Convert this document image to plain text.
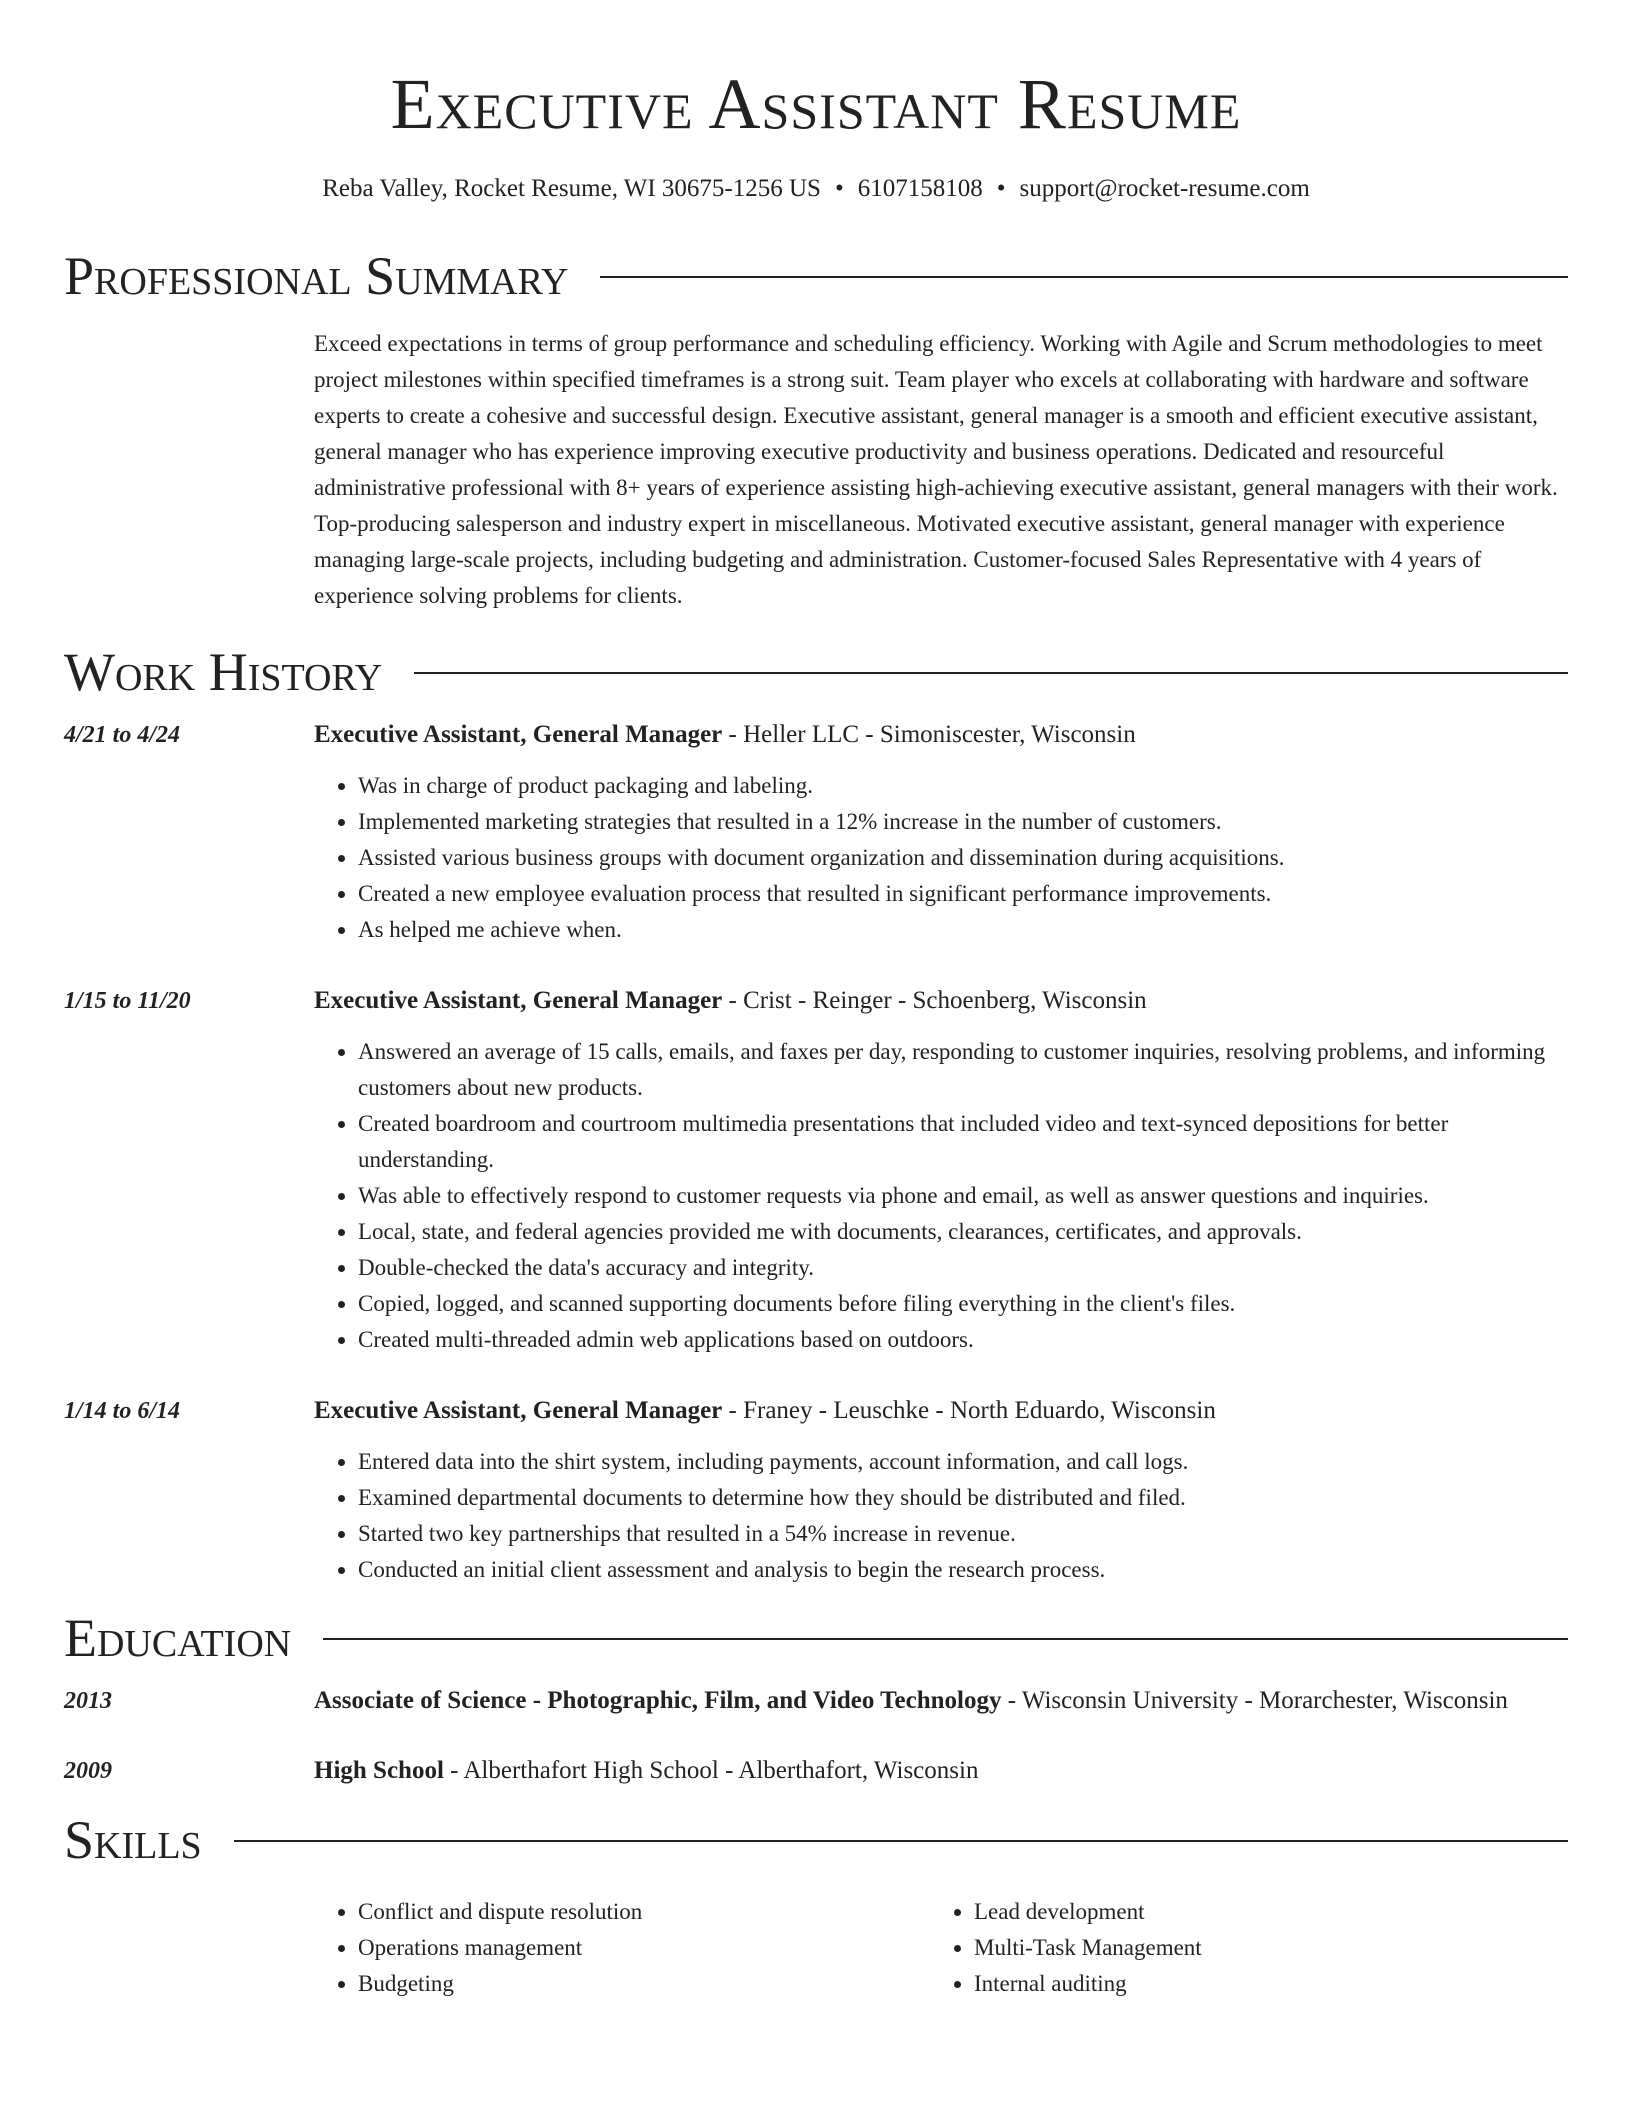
Executive Assistant Resume
Reba Valley, Rocket Resume, WI 30675-1256 US • 6107158108 • support@rocket-resume.com
Professional Summary
Exceed expectations in terms of group performance and scheduling efficiency. Working with Agile and Scrum methodologies to meet project milestones within specified timeframes is a strong suit. Team player who excels at collaborating with hardware and software experts to create a cohesive and successful design. Executive assistant, general manager is a smooth and efficient executive assistant, general manager who has experience improving executive productivity and business operations. Dedicated and resourceful administrative professional with 8+ years of experience assisting high-achieving executive assistant, general managers with their work. Top-producing salesperson and industry expert in miscellaneous. Motivated executive assistant, general manager with experience managing large-scale projects, including budgeting and administration. Customer-focused Sales Representative with 4 years of experience solving problems for clients.
Work History
4/21 to 4/24	Executive Assistant, General Manager - Heller LLC - Simoniscester, Wisconsin
• Was in charge of product packaging and labeling.
• Implemented marketing strategies that resulted in a 12% increase in the number of customers.
• Assisted various business groups with document organization and dissemination during acquisitions.
• Created a new employee evaluation process that resulted in significant performance improvements.
• As helped me achieve when.
1/15 to 11/20	Executive Assistant, General Manager - Crist - Reinger - Schoenberg, Wisconsin
• Answered an average of 15 calls, emails, and faxes per day, responding to customer inquiries, resolving problems, and informing customers about new products.
• Created boardroom and courtroom multimedia presentations that included video and text-synced depositions for better understanding.
• Was able to effectively respond to customer requests via phone and email, as well as answer questions and inquiries.
• Local, state, and federal agencies provided me with documents, clearances, certificates, and approvals.
• Double-checked the data's accuracy and integrity.
• Copied, logged, and scanned supporting documents before filing everything in the client's files.
• Created multi-threaded admin web applications based on outdoors.
1/14 to 6/14	Executive Assistant, General Manager - Franey - Leuschke - North Eduardo, Wisconsin
• Entered data into the shirt system, including payments, account information, and call logs.
• Examined departmental documents to determine how they should be distributed and filed.
• Started two key partnerships that resulted in a 54% increase in revenue.
• Conducted an initial client assessment and analysis to begin the research process.
Education
2013	Associate of Science - Photographic, Film, and Video Technology - Wisconsin University - Morarchester, Wisconsin
2009	High School - Alberthafort High School - Alberthafort, Wisconsin
Skills
• Conflict and dispute resolution
• Operations management
• Budgeting
• Lead development
• Multi-Task Management
• Internal auditing
